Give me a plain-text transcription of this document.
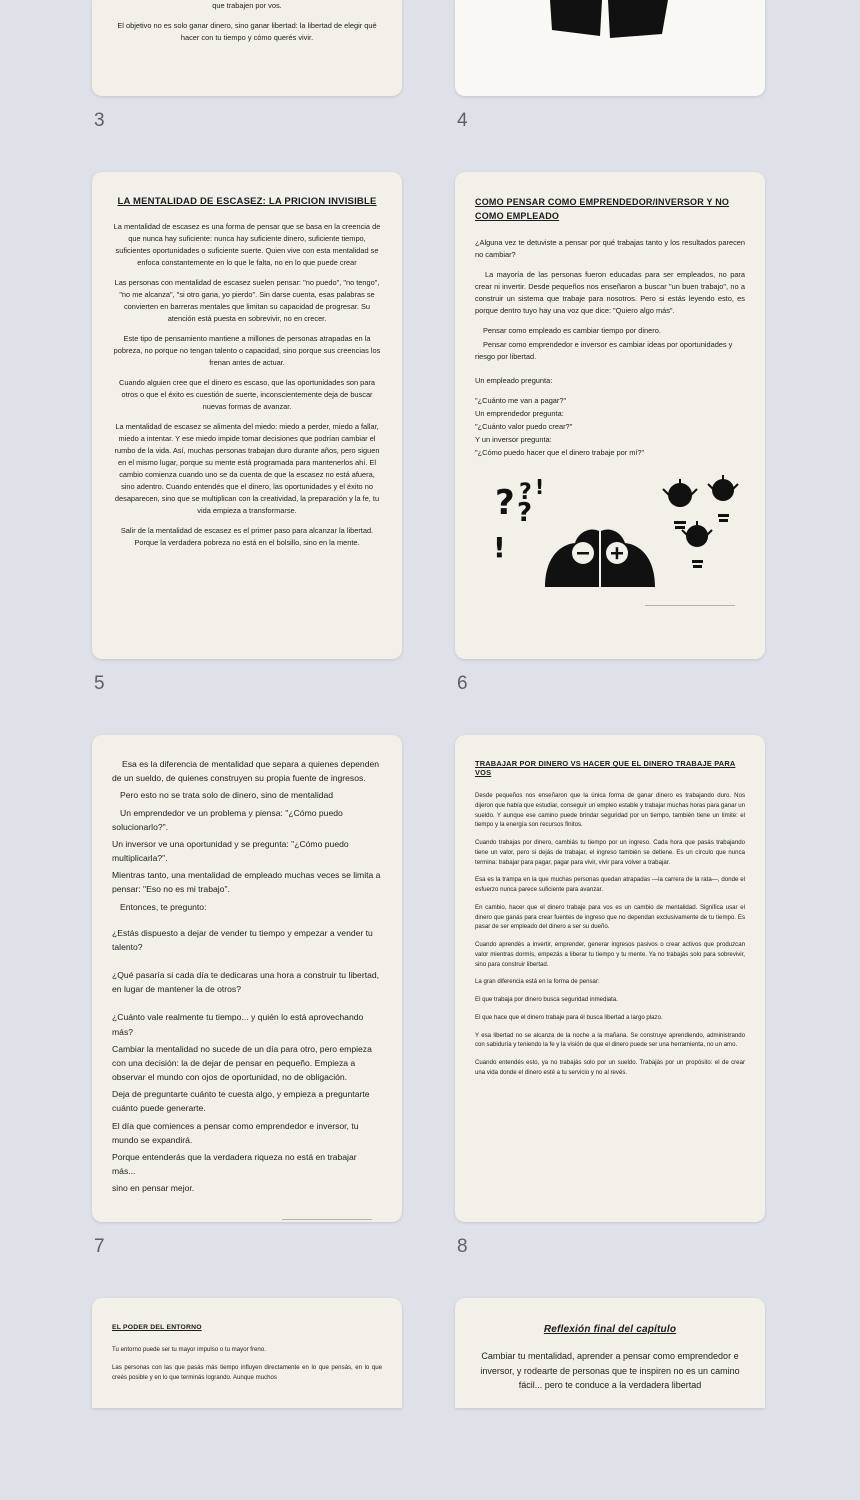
que trabajen por vos.

El objetivo no es solo ganar dinero, sino ganar libertad: la libertad de elegir qué hacer con tu tiempo y cómo querés vivir.

3	4
LA MENTALIDAD DE ESCASEZ: LA PRICION INVISIBLE

La mentalidad de escasez es una forma de pensar que se basa en la creencia de que nunca hay suficiente: nunca hay suficiente dinero, suficiente tiempo, suficientes oportunidades o suficiente suerte. Quien vive con esta mentalidad se enfoca constantemente en lo que le falta, no en lo que puede crear

Las personas con mentalidad de escasez suelen pensar: "no puedo", "no tengo", "no me alcanza", "si otro gana, yo pierdo". Sin darse cuenta, esas palabras se convierten en barreras mentales que limitan su capacidad de progresar. Su atención está puesta en sobrevivir, no en crecer.

Este tipo de pensamiento mantiene a millones de personas atrapadas en la pobreza, no porque no tengan talento o capacidad, sino porque sus creencias los frenan antes de actuar.

Cuando alguien cree que el dinero es escaso, que las oportunidades son para otros o que el éxito es cuestión de suerte, inconscientemente deja de buscar nuevas formas de avanzar.

La mentalidad de escasez se alimenta del miedo: miedo a perder, miedo a fallar, miedo a intentar. Y ese miedo impide tomar decisiones que podrían cambiar el rumbo de la vida. Así, muchas personas trabajan duro durante años, pero siguen en el mismo lugar, porque su mente está programada para mantenerlos ahí. El cambio comienza cuando uno se da cuenta de que la escasez no está afuera, sino adentro. Cuando entendés que el dinero, las oportunidades y el éxito no desaparecen, sino que se multiplican con la creatividad, la preparación y la fe, tu vida empieza a transformarse.

Salir de la mentalidad de escasez es el primer paso para alcanzar la libertad. Porque la verdadera pobreza no está en el bolsillo, sino en la mente.

5
COMO PENSAR COMO EMPRENDEDOR/INVERSOR Y NO COMO EMPLEADO

¿Alguna vez te detuviste a pensar por qué trabajas tanto y los resultados parecen no cambiar?

La mayoría de las personas fueron educadas para ser empleados, no para crear ni invertir. Desde pequeños nos enseñaron a buscar "un buen trabajo", no a construir un sistema que trabaje para nosotros. Pero si estás leyendo esto, es porque dentro tuyo hay una voz que dice: "Quiero algo más".

Pensar como empleado es cambiar tiempo por dinero.

Pensar como emprendedor e inversor es cambiar ideas por oportunidades y riesgo por libertad.

Un empleado pregunta:

"¿Cuánto me van a pagar?"

Un emprendedor pregunta:

"¿Cuánto valor puedo crear?"

Y un inversor pregunta:

"¿Cómo puedo hacer que el dinero trabaje por mí?"

? ? !
?
!
6

Esa es la diferencia de mentalidad que separa a quienes dependen de un sueldo, de quienes construyen su propia fuente de ingresos.

Pero esto no se trata solo de dinero, sino de mentalidad

Un emprendedor ve un problema y piensa: "¿Cómo puedo solucionarlo?".

Un inversor ve una oportunidad y se pregunta: "¿Cómo puedo multiplicarla?".

Mientras tanto, una mentalidad de empleado muchas veces se limita a pensar: "Eso no es mi trabajo".

Entonces, te pregunto:

¿Estás dispuesto a dejar de vender tu tiempo y empezar a vender tu talento?

¿Qué pasaría si cada día te dedicaras una hora a construir tu libertad, en lugar de mantener la de otros?

¿Cuánto vale realmente tu tiempo... y quién lo está aprovechando más?

Cambiar la mentalidad no sucede de un día para otro, pero empieza con una decisión: la de dejar de pensar en pequeño. Empieza a observar el mundo con ojos de oportunidad, no de obligación.

Deja de preguntarte cuánto te cuesta algo, y empieza a preguntarte cuánto puede generarte.

El día que comiences a pensar como emprendedor e inversor, tu mundo se expandirá.

Porque entenderás que la verdadera riqueza no está en trabajar más...

sino en pensar mejor.

7
TRABAJAR POR DINERO VS HACER QUE EL DINERO TRABAJE PARA VOS

Desde pequeños nos enseñaron que la única forma de ganar dinero es trabajando duro. Nos dijeron que había que estudiar, conseguir un empleo estable y trabajar muchas horas para ganar un sueldo. Y aunque ese camino puede brindar seguridad por un tiempo, también tiene un límite: el tiempo y la energía son recursos finitos.

Cuando trabajas por dinero, cambiás tu tiempo por un ingreso. Cada hora que pasás trabajando tiene un valor, pero si dejás de trabajar, el ingreso también se detiene. Es un círculo que nunca termina: trabajar para pagar, pagar para vivir, vivir para volver a trabajar.

Esa es la trampa en la que muchas personas quedan atrapadas —la carrera de la rata—, donde el esfuerzo nunca parece suficiente para avanzar.

En cambio, hacer que el dinero trabaje para vos es un cambio de mentalidad. Significa usar el dinero que ganás para crear fuentes de ingreso que no dependan exclusivamente de tu tiempo. Es pasar de ser empleado del dinero a ser su dueño.

Cuando aprendés a invertir, emprender, generar ingresos pasivos o crear activos que produzcan valor mientras dormís, empezás a liberar tu tiempo y tu mente. Ya no trabajás solo para sobrevivir, sino para construir libertad.

La gran diferencia está en la forma de pensar:

El que trabaja por dinero busca seguridad inmediata.

El que hace que el dinero trabaje para él busca libertad a largo plazo.

Y esa libertad no se alcanza de la noche a la mañana. Se construye aprendiendo, administrando con sabiduría y teniendo la fe y la visión de que el dinero puede ser una herramienta, no un amo.

Cuando entendés esto, ya no trabajás solo por un sueldo. Trabajás por un propósito: el de crear una vida donde el dinero esté a tu servicio y no al revés.

8
EL PODER DEL ENTORNO

Tu entorno puede ser tu mayor impulso o tu mayor freno.

Las personas con las que pasás más tiempo influyen directamente en lo que pensás, en lo que creés posible y en lo que terminás logrando. Aunque muchos

Reflexión final del capítulo

Cambiar tu mentalidad, aprender a pensar como emprendedor e inversor, y rodearte de personas que te inspiren no es un camino fácil... pero te conduce a la verdadera libertad
